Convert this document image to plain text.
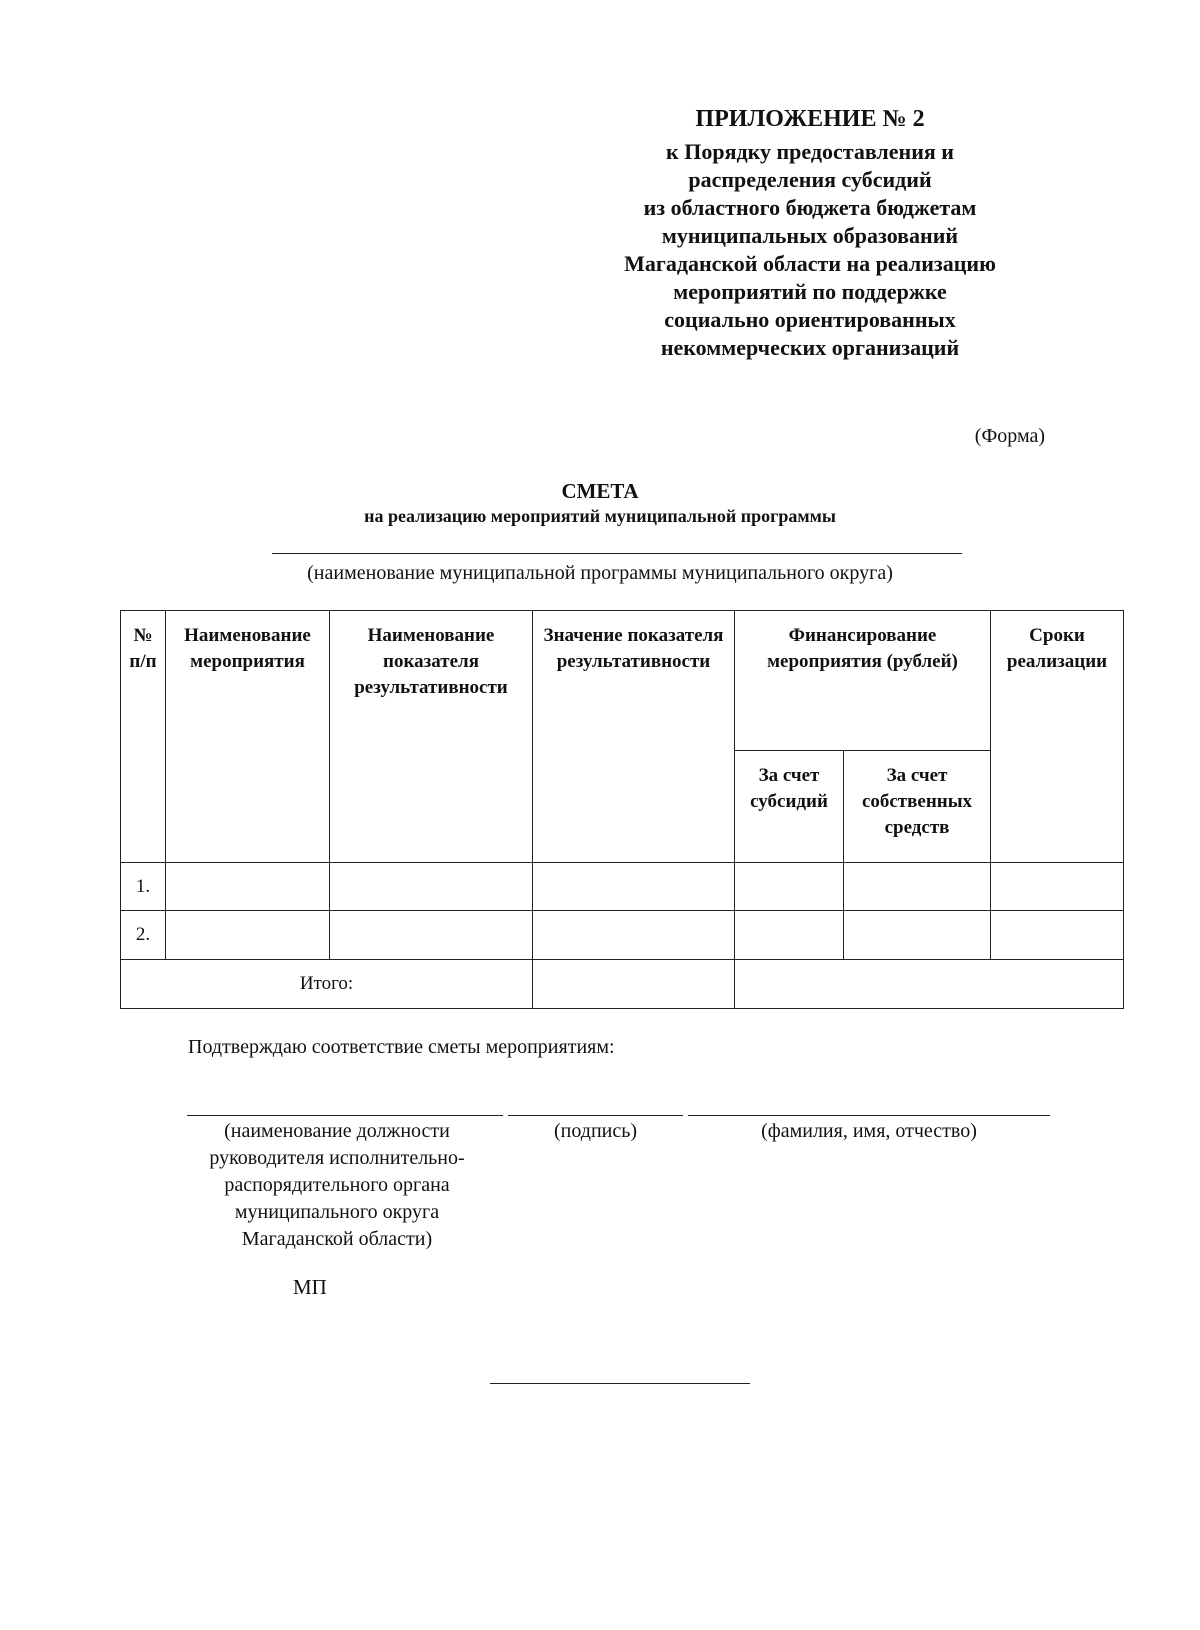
ПРИЛОЖЕНИЕ № 2
к Порядку предоставления и
распределения субсидий
из областного бюджета бюджетам
муниципальных образований
Магаданской области на реализацию
мероприятий по поддержке
социально ориентированных
некоммерческих организаций
(Форма)
СМЕТА
на реализацию мероприятий муниципальной программы
(наименование муниципальной программы муниципального округа)
№ п/п	Наименование мероприятия	Наименование показателя результативности	Значение показателя результативности	Финансирование мероприятия (рублей)		Сроки реализации
				За счет субсидий	За счет собственных средств	
1.						
2.						
Итого:						
Подтверждаю соответствие сметы мероприятиям:
(наименование должности руководителя исполнительно-распорядительного органа муниципального округа Магаданской области)
(подпись)	(фамилия, имя, отчество)
МП
